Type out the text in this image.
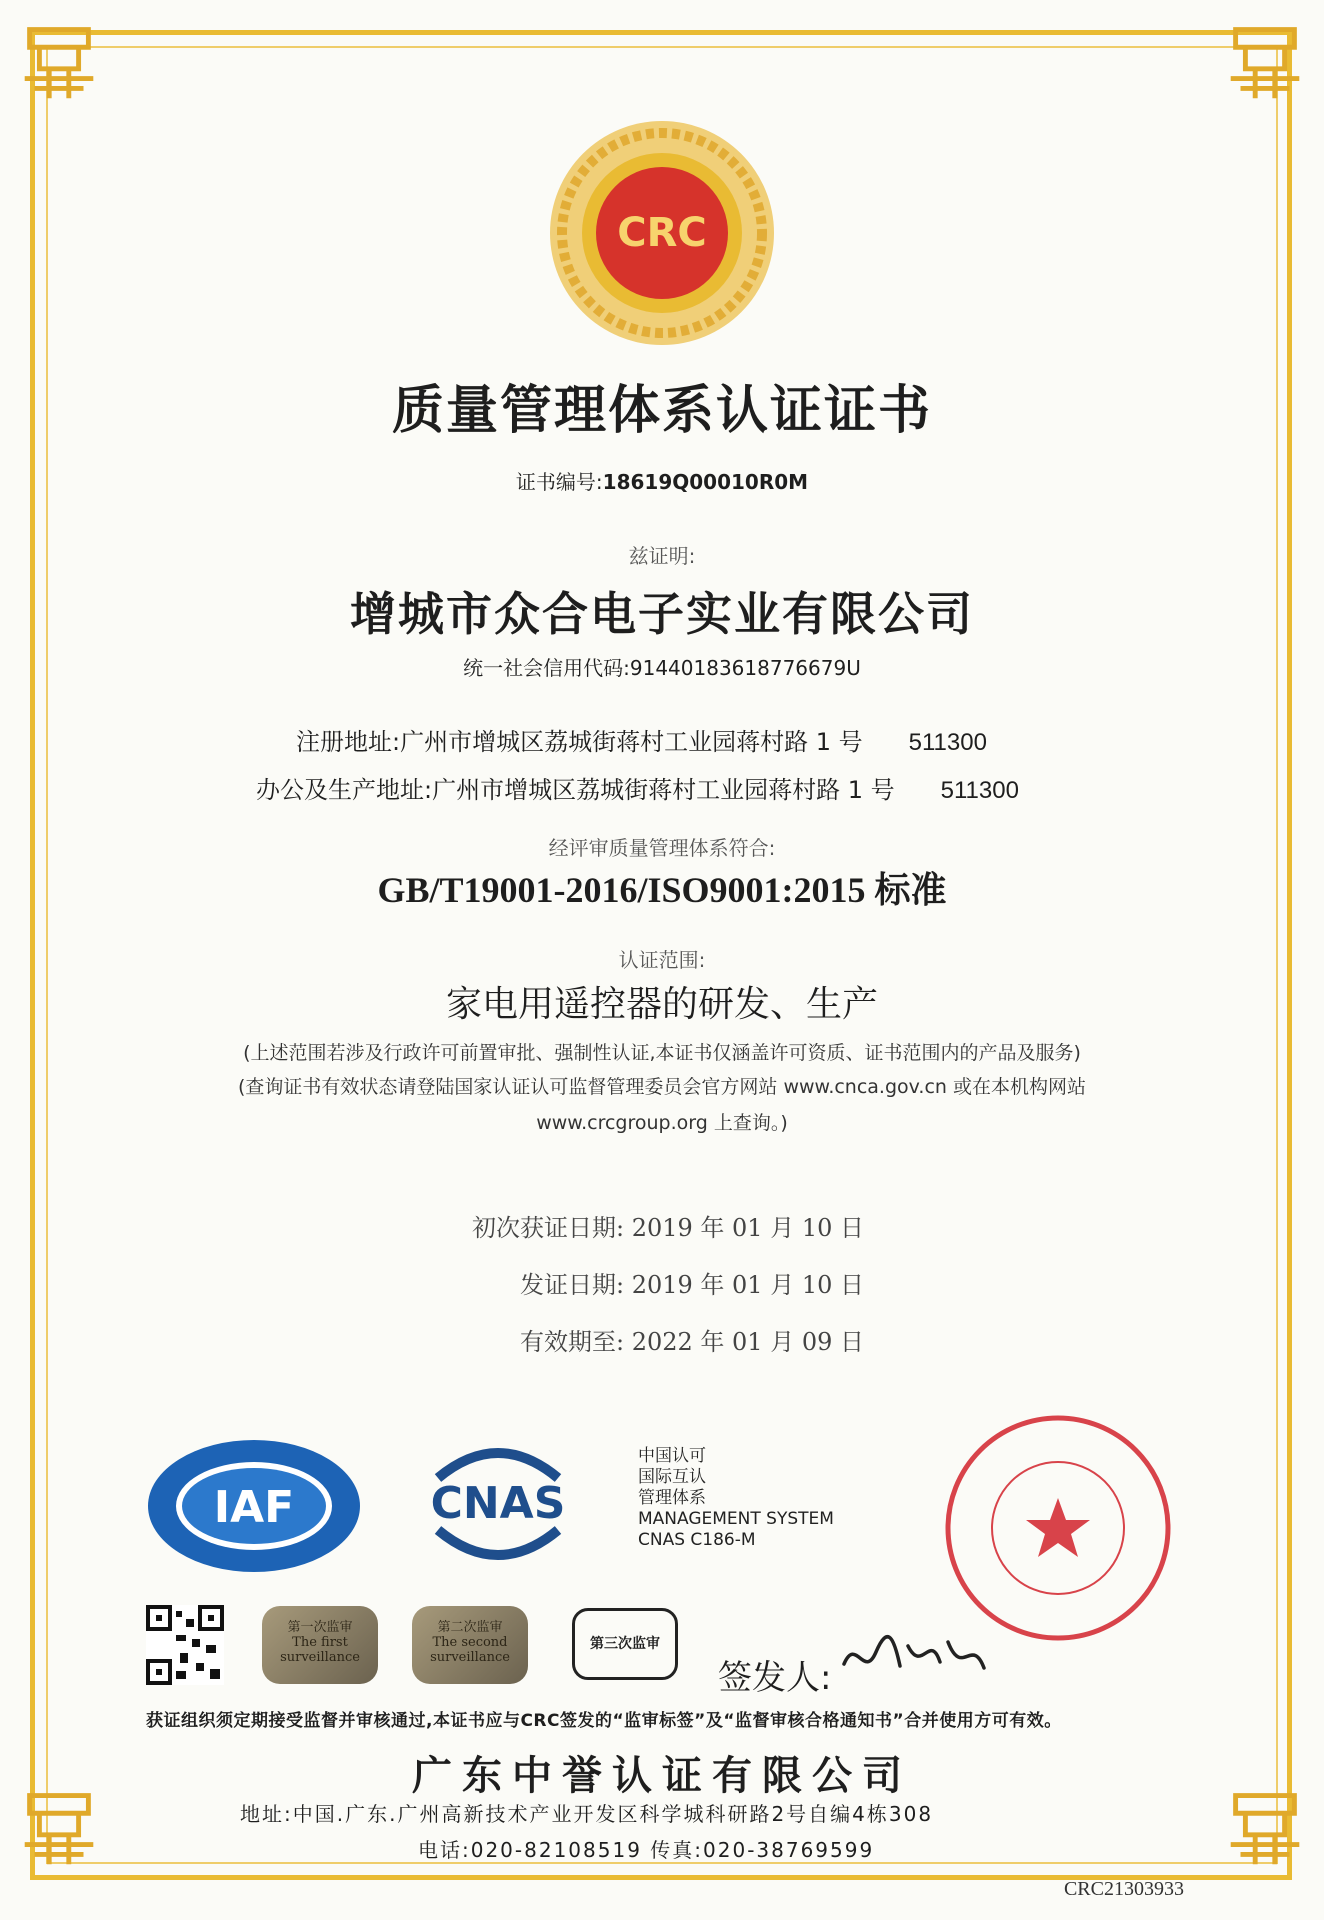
CRC
质量管理体系认证证书
证书编号:18619Q00010R0M
兹证明:
增城市众合电子实业有限公司
统一社会信用代码:91440183618776679U
注册地址:广州市增城区荔城街蒋村工业园蒋村路 1 号 511300
办公及生产地址:广州市增城区荔城街蒋村工业园蒋村路 1 号 511300
经评审质量管理体系符合:
GB/T19001-2016/ISO9001:2015 标准
认证范围:
家电用遥控器的研发、生产
(上述范围若涉及行政许可前置审批、强制性认证,本证书仅涵盖许可资质、证书范围内的产品及服务)
(查询证书有效状态请登陆国家认证认可监督管理委员会官方网站 www.cnca.gov.cn 或在本机构网站
www.crcgroup.org 上查询。)
初次获证日期: 2019 年 01 月 10 日
发证日期: 2019 年 01 月 10 日
有效期至: 2022 年 01 月 09 日
IAF	CNAS
中国认可
国际互认
管理体系
MANAGEMENT SYSTEM
CNAS C186-M
第一次监审
The first
surveillance
第二次监审
The second
surveillance
第三次监审
签发人:
获证组织须定期接受监督并审核通过,本证书应与CRC签发的“监审标签”及“监督审核合格通知书”合并使用方可有效。
广东中誉认证有限公司
地址:中国.广东.广州高新技术产业开发区科学城科研路2号自编4栋308
电话:020-82108519 传真:020-38769599
CRC21303933
